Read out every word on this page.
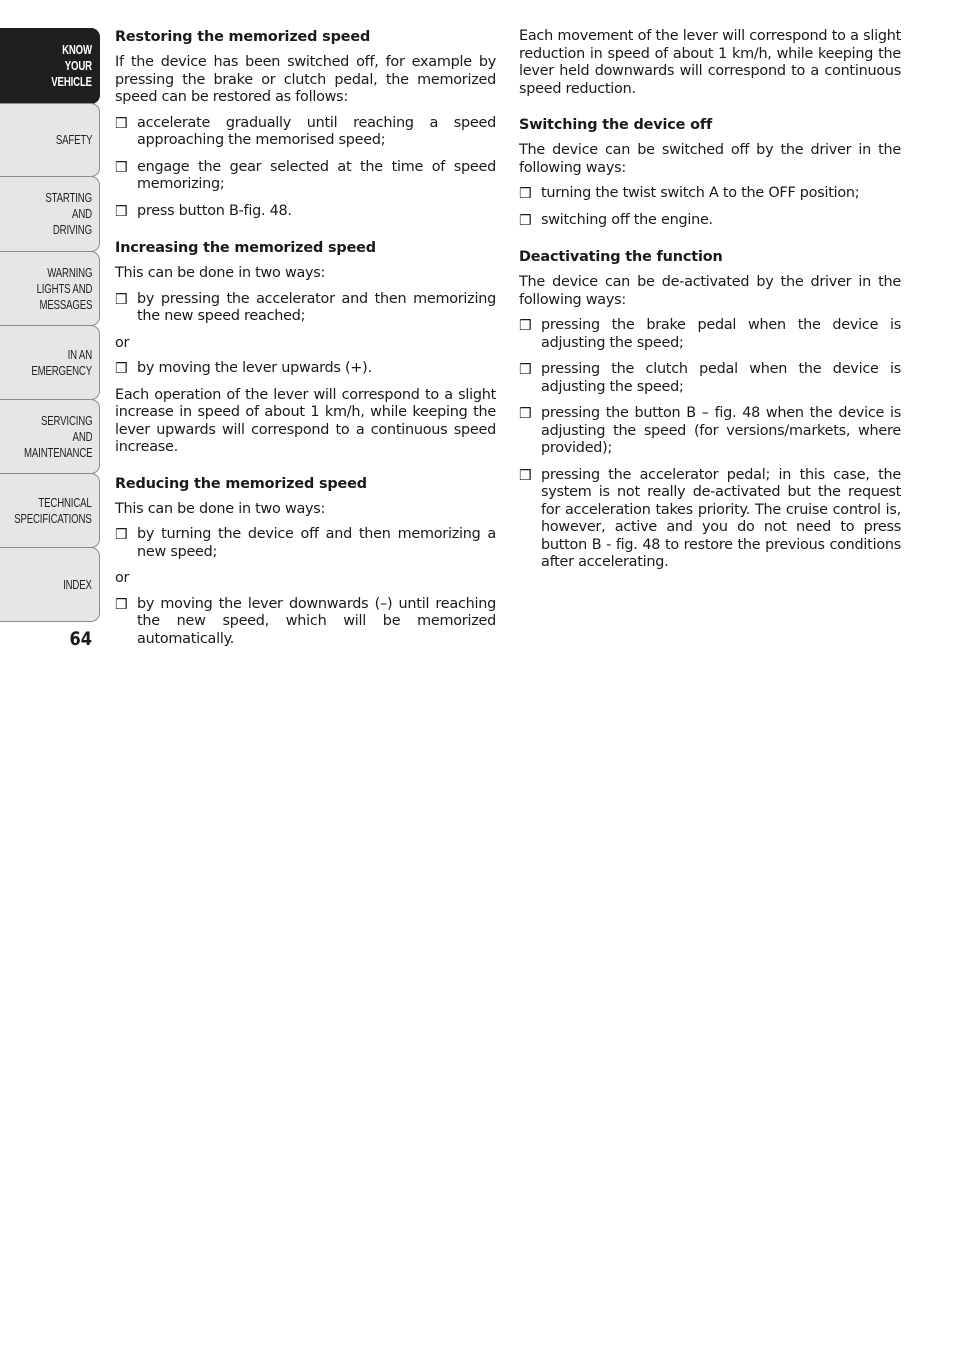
KNOW
YOUR
VEHICLE
SAFETY
STARTING
AND
DRIVING
WARNING
LIGHTS AND
MESSAGES
IN AN
EMERGENCY
SERVICING
AND
MAINTENANCE
TECHNICAL
SPECIFICATIONS
INDEX
64
Restoring the memorized speed

If the device has been switched off, for example by pressing the brake or clutch pedal, the memorized speed can be restored as follows:

❒ accelerate gradually until reaching a speed approaching the memorised speed;
❒ engage the gear selected at the time of speed memorizing;
❒ press button B-fig. 48.
Increasing the memorized speed

This can be done in two ways:

❒ by pressing the accelerator and then memorizing the new speed reached;

or

❒ by moving the lever upwards (+).

Each operation of the lever will correspond to a slight increase in speed of about 1 km/h, while keeping the lever upwards will correspond to a continuous speed increase.

Reducing the memorized speed

This can be done in two ways:

❒ by turning the device off and then memorizing a new speed;

or

❒ by moving the lever downwards (–) until reaching the new speed, which will be memorized automatically.

Each movement of the lever will correspond to a slight reduction in speed of about 1 km/h, while keeping the lever held downwards will correspond to a continuous speed reduction.

Switching the device off

The device can be switched off by the driver in the following ways:

❒ turning the twist switch A to the OFF position;
❒ switching off the engine.
Deactivating the function

The device can be de-activated by the driver in the following ways:

❒ pressing the brake pedal when the device is adjusting the speed;
❒ pressing the clutch pedal when the device is adjusting the speed;
❒ pressing the button B – fig. 48 when the device is adjusting the speed (for versions/markets, where provided);
❒ pressing the accelerator pedal; in this case, the system is not really de-activated but the request for acceleration takes priority. The cruise control is, however, active and you do not need to press button B - fig. 48 to restore the previous conditions after accelerating.
